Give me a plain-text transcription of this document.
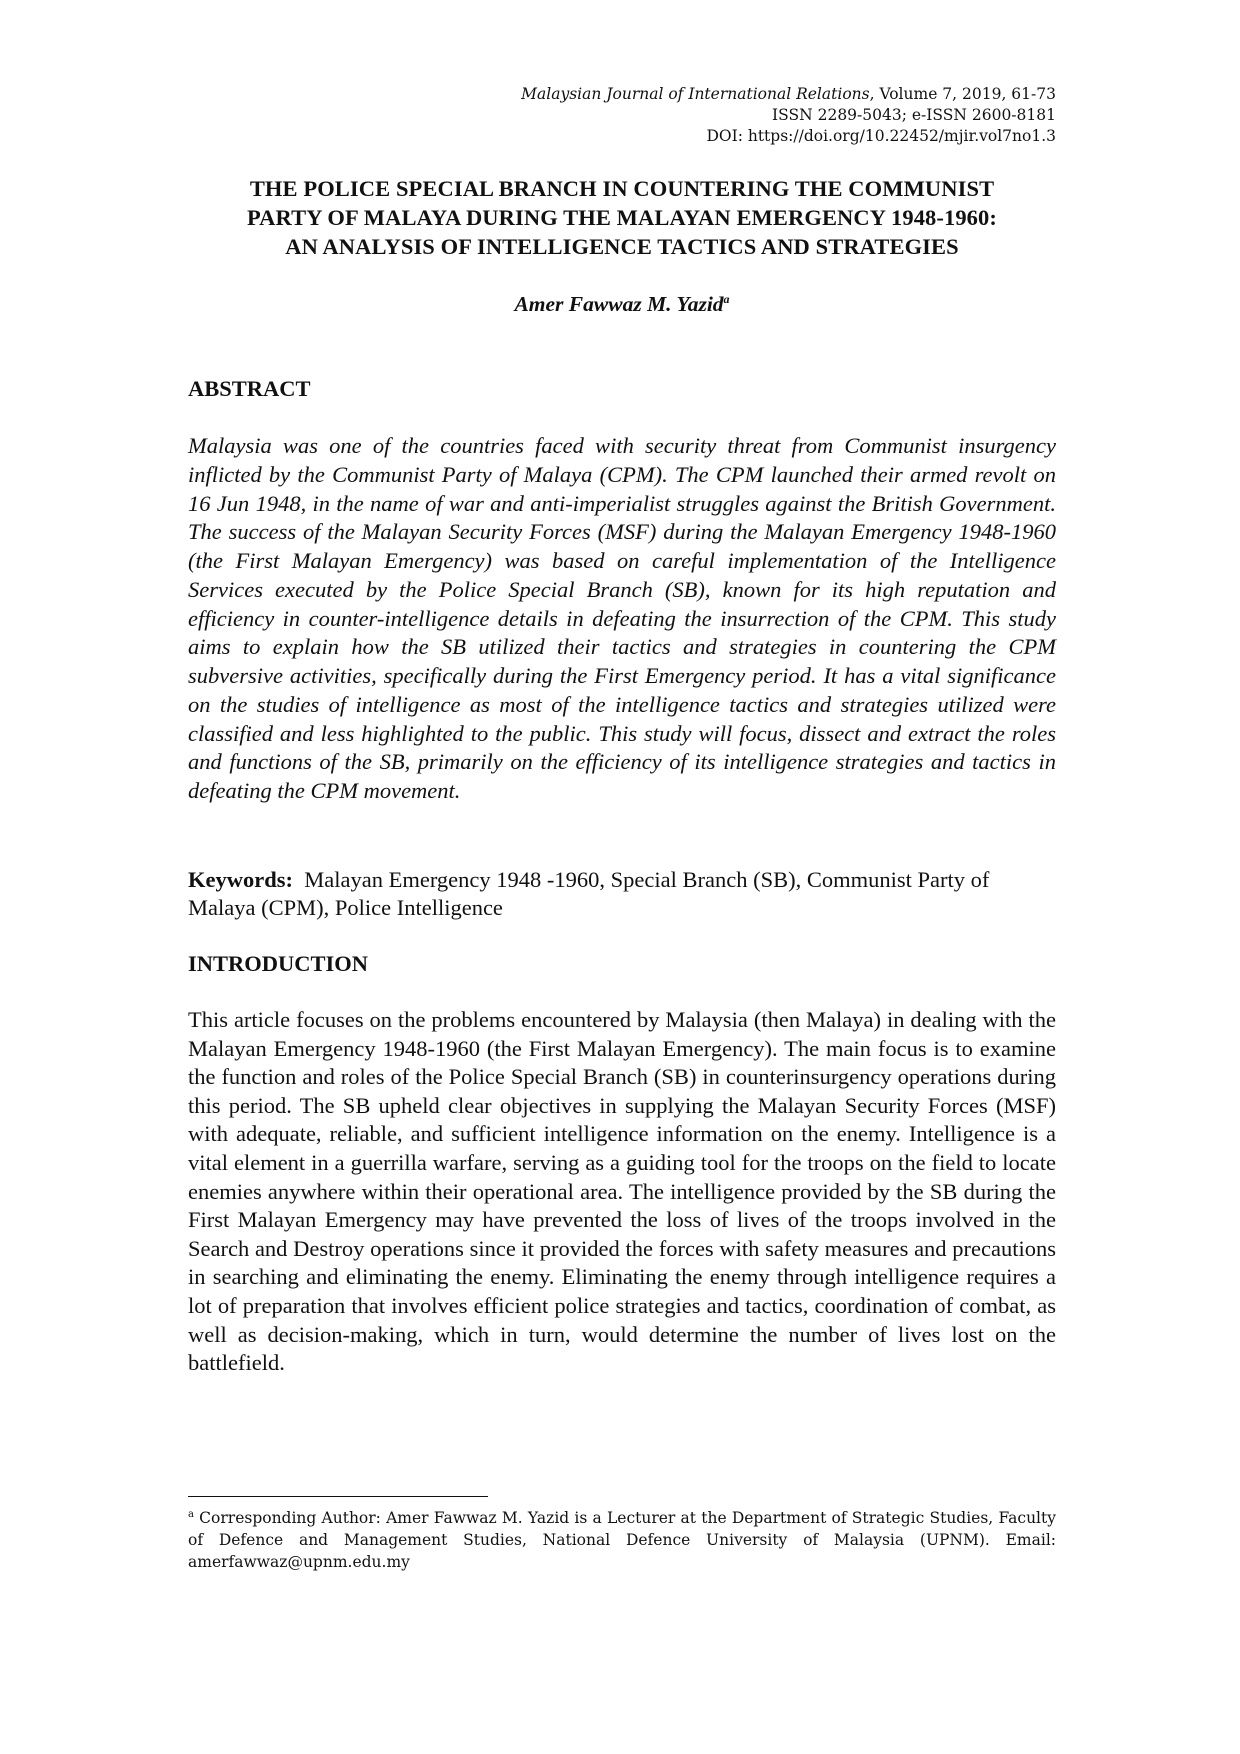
Malaysian Journal of International Relations, Volume 7, 2019, 61-73
ISSN 2289-5043; e-ISSN 2600-8181
DOI: https://doi.org/10.22452/mjir.vol7no1.3
THE POLICE SPECIAL BRANCH IN COUNTERING THE COMMUNIST
PARTY OF MALAYA DURING THE MALAYAN EMERGENCY 1948-1960:
AN ANALYSIS OF INTELLIGENCE TACTICS AND STRATEGIES
Amer Fawwaz M. Yazid$^a$
ABSTRACT

Malaysia was one of the countries faced with security threat from Communist insurgency inflicted by the Communist Party of Malaya (CPM). The CPM launched their armed revolt on 16 Jun 1948, in the name of war and anti-imperialist struggles against the British Government. The success of the Malayan Security Forces (MSF) during the Malayan Emergency 1948-1960 (the First Malayan Emergency) was based on careful implementation of the Intelligence Services executed by the Police Special Branch (SB), known for its high reputation and efficiency in counter-intelligence details in defeating the insurrection of the CPM. This study aims to explain how the SB utilized their tactics and strategies in countering the CPM subversive activities, specifically during the First Emergency period. It has a vital significance on the studies of intelligence as most of the intelligence tactics and strategies utilized were classified and less highlighted to the public. This study will focus, dissect and extract the roles and functions of the SB, primarily on the efficiency of its intelligence strategies and tactics in defeating the CPM movement.

Keywords: Malayan Emergency 1948 -1960, Special Branch (SB), Communist Party of Malaya (CPM), Police Intelligence
INTRODUCTION

This article focuses on the problems encountered by Malaysia (then Malaya) in dealing with the Malayan Emergency 1948-1960 (the First Malayan Emergency). The main focus is to examine the function and roles of the Police Special Branch (SB) in counterinsurgency operations during this period. The SB upheld clear objectives in supplying the Malayan Security Forces (MSF) with adequate, reliable, and sufficient intelligence information on the enemy. Intelligence is a vital element in a guerrilla warfare, serving as a guiding tool for the troops on the field to locate enemies anywhere within their operational area. The intelligence provided by the SB during the First Malayan Emergency may have prevented the loss of lives of the troops involved in the Search and Destroy operations since it provided the forces with safety measures and precautions in searching and eliminating the enemy. Eliminating the enemy through intelligence requires a lot of preparation that involves efficient police strategies and tactics, coordination of combat, as well as decision-making, which in turn, would determine the number of lives lost on the battlefield.

$^a$ Corresponding Author: Amer Fawwaz M. Yazid is a Lecturer at the Department of Strategic Studies, Faculty of Defence and Management Studies, National Defence University of Malaysia (UPNM). Email: amerfawwaz@upnm.edu.my
